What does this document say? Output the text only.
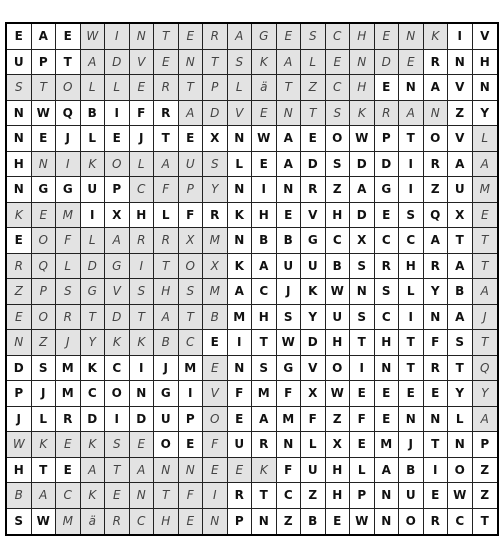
E	A	E	W	I	N	T	E	R	A	G	E	S	C	H	E	N	K	I	V
U	P	T	A	D	V	E	N	T	S	K	A	L	E	N	D	E	R	N	H
S	T	O	L	L	E	R	T	P	L	ä	T	Z	C	H	E	N	A	V	N
N	W	Q	B	I	F	R	A	D	V	E	N	T	S	K	R	A	N	Z	Y
N	E	J	L	E	J	T	E	X	N	W	A	E	O	W	P	T	O	V	L
H	N	I	K	O	L	A	U	S	L	E	A	D	S	D	D	I	R	A	A
N	G	G	U	P	C	F	P	Y	N	I	N	R	Z	A	G	I	Z	U	M
K	E	M	I	X	H	L	F	R	K	H	E	V	H	D	E	S	Q	X	E
E	O	F	L	A	R	R	X	M	N	B	B	G	C	X	C	C	A	T	T
R	Q	L	D	G	I	T	O	X	K	A	U	U	B	S	R	H	R	A	T
Z	P	S	G	V	S	H	S	M	A	C	J	K	W	N	S	L	Y	B	A
E	O	R	T	D	T	A	T	B	M	H	S	Y	U	S	C	I	N	A	J
N	Z	J	Y	K	K	B	C	E	I	T	W	D	H	T	H	T	F	S	T
D	S	M	K	C	I	J	M	E	N	S	G	V	O	I	N	T	R	T	Q
P	J	M	C	O	N	G	I	V	F	M	F	X	W	E	E	E	E	Y	Y
J	L	R	D	I	D	U	P	O	E	A	M	F	Z	F	E	N	N	L	A
W	K	E	K	S	E	O	E	F	U	R	N	L	X	E	M	J	T	N	P
H	T	E	A	T	A	N	N	E	E	K	F	U	H	L	A	B	I	O	Z
B	A	C	K	E	N	T	F	I	R	T	C	Z	H	P	N	U	E	W	Z
S	W	M	ä	R	C	H	E	N	P	N	Z	B	E	W	N	O	R	C	T
